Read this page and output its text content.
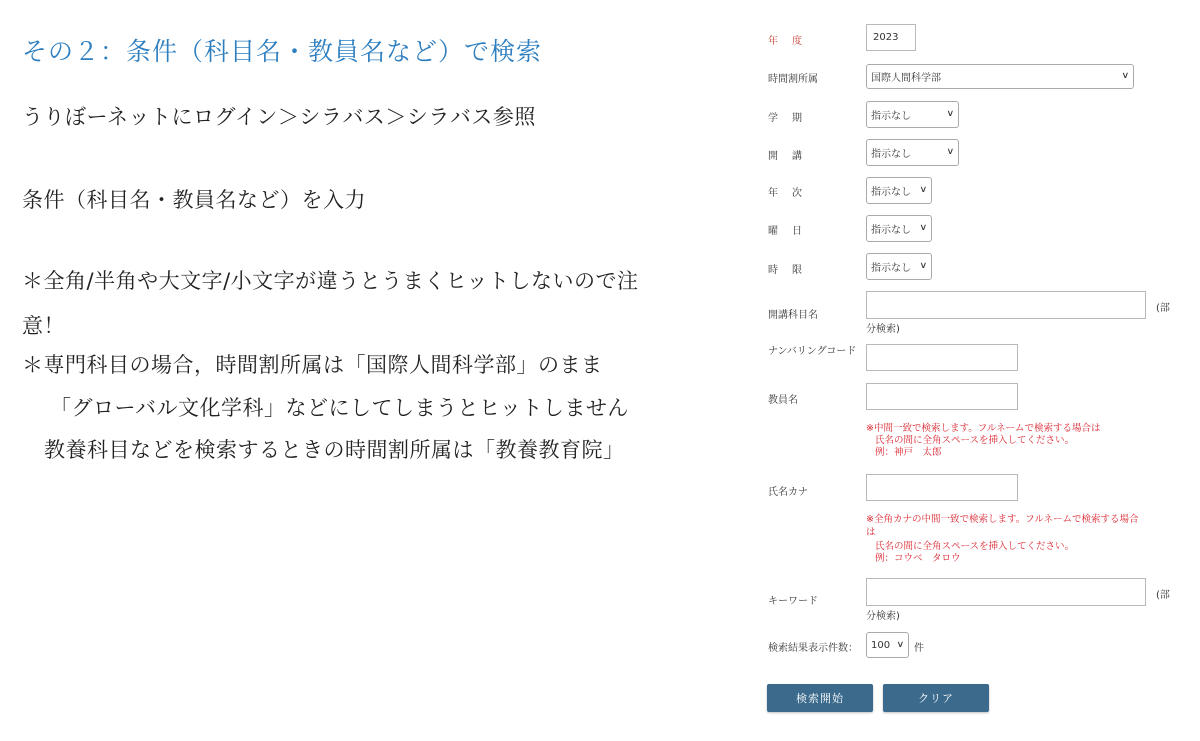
その２：条件（科目名・教員名など）で検索
うりぼーネットにログイン＞シラバス＞シラバス参照
条件（科目名・教員名など）を入力
＊全角/半角や大文字/小文字が違うとうまくヒットしないので注
意！
＊専門科目の場合，時間割所属は「国際人間科学部」のまま
「グローバル文化学科」などにしてしまうとヒットしません
教養科目などを検索するときの時間割所属は「教養教育院」
年度	2023
時間割所属	国際人間科学部	∨
学期	指示なし	∨
開講	指示なし	∨
年次	指示なし ∨
曜日	指示なし ∨
時限	指示なし ∨
開講科目名
(部
分検索)
ナンバリングコード
教員名
※中間一致で検索します。フルネームで検索する場合は
氏名の間に全角スペースを挿入してください。
例：神戸　太郎
氏名カナ
※全角カナの中間一致で検索します。フルネームで検索する場合
は
氏名の間に全角スペースを挿入してください。
例：コウベ　タロウ
キーワード
(部
分検索)
検索結果表示件数： 100 ∨ 件
検索開始	クリア
